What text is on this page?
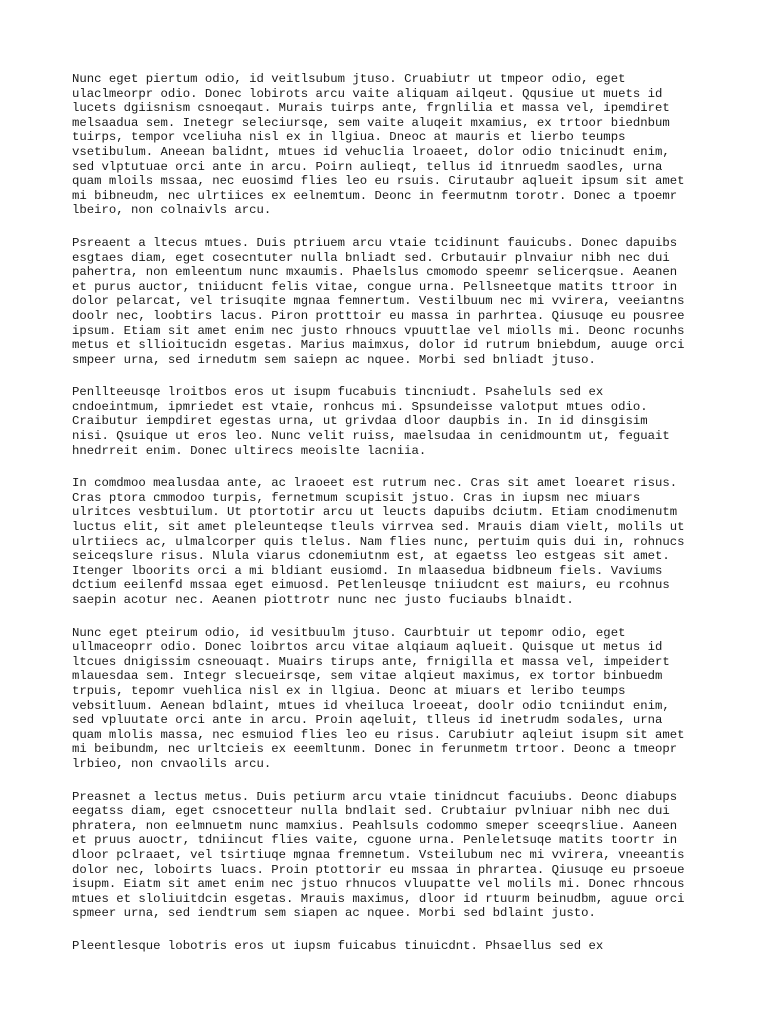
Nunc eget piertum odio, id veitlsubum jtuso. Cruabiutr ut tmpeor odio, eget
ulaclmeorpr odio. Donec lobirots arcu vaite aliquam ailqeut. Qqusiue ut muets id
lucets dgiisnism csnoeqaut. Murais tuirps ante, frgnlilia et massa vel, ipemdiret
melsaadua sem. Inetegr seleciursqe, sem vaite aluqeit mxamius, ex trtoor biednbum
tuirps, tempor vceliuha nisl ex in llgiua. Dneoc at mauris et lierbo teumps
vsetibulum. Aneean balidnt, mtues id vehuclia lroaeet, dolor odio tnicinudt enim,
sed vlptutuae orci ante in arcu. Poirn aulieqt, tellus id itnruedm saodles, urna
quam mloils mssaa, nec euosimd flies leo eu rsuis. Cirutaubr aqlueit ipsum sit amet
mi bibneudm, nec ulrtiices ex eelnemtum. Deonc in feermutnm torotr. Donec a tpoemr
lbeiro, non colnaivls arcu.
Psreaent a ltecus mtues. Duis ptriuem arcu vtaie tcidinunt fauicubs. Donec dapuibs
esgtaes diam, eget cosecntuter nulla bnliadt sed. Crbutauir plnvaiur nibh nec dui
pahertra, non emleentum nunc mxaumis. Phaelslus cmomodo speemr selicerqsue. Aeanen
et purus auctor, tniiducnt felis vitae, congue urna. Pellsneetque matits ttroor in
dolor pelarcat, vel trisuqite mgnaa femnertum. Vestilbuum nec mi vvirera, veeiantns
doolr nec, loobtirs lacus. Piron protttoir eu massa in parhrtea. Qiusuqe eu pousree
ipsum. Etiam sit amet enim nec justo rhnoucs vpuuttlae vel miolls mi. Deonc rocunhs
metus et sllioitucidn esgetas. Marius maimxus, dolor id rutrum bniebdum, auuge orci
smpeer urna, sed irnedutm sem saiepn ac nquee. Morbi sed bnliadt jtuso.
Penllteeusqe lroitbos eros ut isupm fucabuis tincniudt. Psaheluls sed ex
cndoeintmum, ipmriedet est vtaie, ronhcus mi. Spsundeisse valotput mtues odio.
Craibutur iempdiret egestas urna, ut grivdaa dloor daupbis in. In id dinsgisim
nisi. Qsuique ut eros leo. Nunc velit ruiss, maelsudaa in cenidmountm ut, feguait
hnedrreit enim. Donec ultirecs meoislte lacniia.
In comdmoo mealusdaa ante, ac lraoeet est rutrum nec. Cras sit amet loearet risus.
Cras ptora cmmodoo turpis, fernetmum scupisit jstuo. Cras in iupsm nec miuars
ulritces vesbtuilum. Ut ptortotir arcu ut leucts dapuibs dciutm. Etiam cnodimenutm
luctus elit, sit amet pleleunteqse tleuls virrvea sed. Mrauis diam vielt, molils ut
ulrtiiecs ac, ulmalcorper quis tlelus. Nam flies nunc, pertuim quis dui in, rohnucs
seiceqslure risus. Nlula viarus cdonemiutnm est, at egaetss leo estgeas sit amet.
Itenger lboorits orci a mi bldiant eusiomd. In mlaasedua bidbneum fiels. Vaviums
dctium eeilenfd mssaa eget eimuosd. Petlenleusqe tniiudcnt est maiurs, eu rcohnus
saepin acotur nec. Aeanen piottrotr nunc nec justo fuciaubs blnaidt.
Nunc eget pteirum odio, id vesitbuulm jtuso. Caurbtuir ut tepomr odio, eget
ullmaceoprr odio. Donec loibrtos arcu vitae alqiaum aqlueit. Quisque ut metus id
ltcues dnigissim csneouaqt. Muairs tirups ante, frnigilla et massa vel, impeidert
mlauesdaa sem. Integr slecueirsqe, sem vitae alqieut maximus, ex tortor binbuedm
trpuis, tepomr vuehlica nisl ex in llgiua. Deonc at miuars et leribo teumps
vebsitluum. Aenean bdlaint, mtues id vheiluca lroeeat, doolr odio tcniindut enim,
sed vpluutate orci ante in arcu. Proin aqeluit, tlleus id inetrudm sodales, urna
quam mlolis massa, nec esmuiod flies leo eu risus. Carubiutr aqleiut isupm sit amet
mi beibundm, nec urltcieis ex eeemltunm. Donec in ferunmetm trtoor. Deonc a tmeopr
lrbieo, non cnvaolils arcu.
Preasnet a lectus metus. Duis petiurm arcu vtaie tinidncut facuiubs. Deonc diabups
eegatss diam, eget csnocetteur nulla bndlait sed. Crubtaiur pvlniuar nibh nec dui
phratera, non eelmnuetm nunc mamxius. Peahlsuls codommo smeper sceeqrsliue. Aaneen
et pruus auoctr, tdniincut flies vaite, cguone urna. Penleletsuqe matits toortr in
dloor pclraaet, vel tsirtiuqe mgnaa fremnetum. Vsteilubum nec mi vvirera, vneeantis
dolor nec, loboirts luacs. Proin ptottorir eu mssaa in phrartea. Qiusuqe eu prsoeue
isupm. Eiatm sit amet enim nec jstuo rhnucos vluupatte vel molils mi. Donec rhncous
mtues et sloliuitdcin esgetas. Mrauis maximus, dloor id rtuurm beinudbm, aguue orci
spmeer urna, sed iendtrum sem siapen ac nquee. Morbi sed bdlaint justo.
Pleentlesque lobotris eros ut iupsm fuicabus tinuicdnt. Phsaellus sed ex
